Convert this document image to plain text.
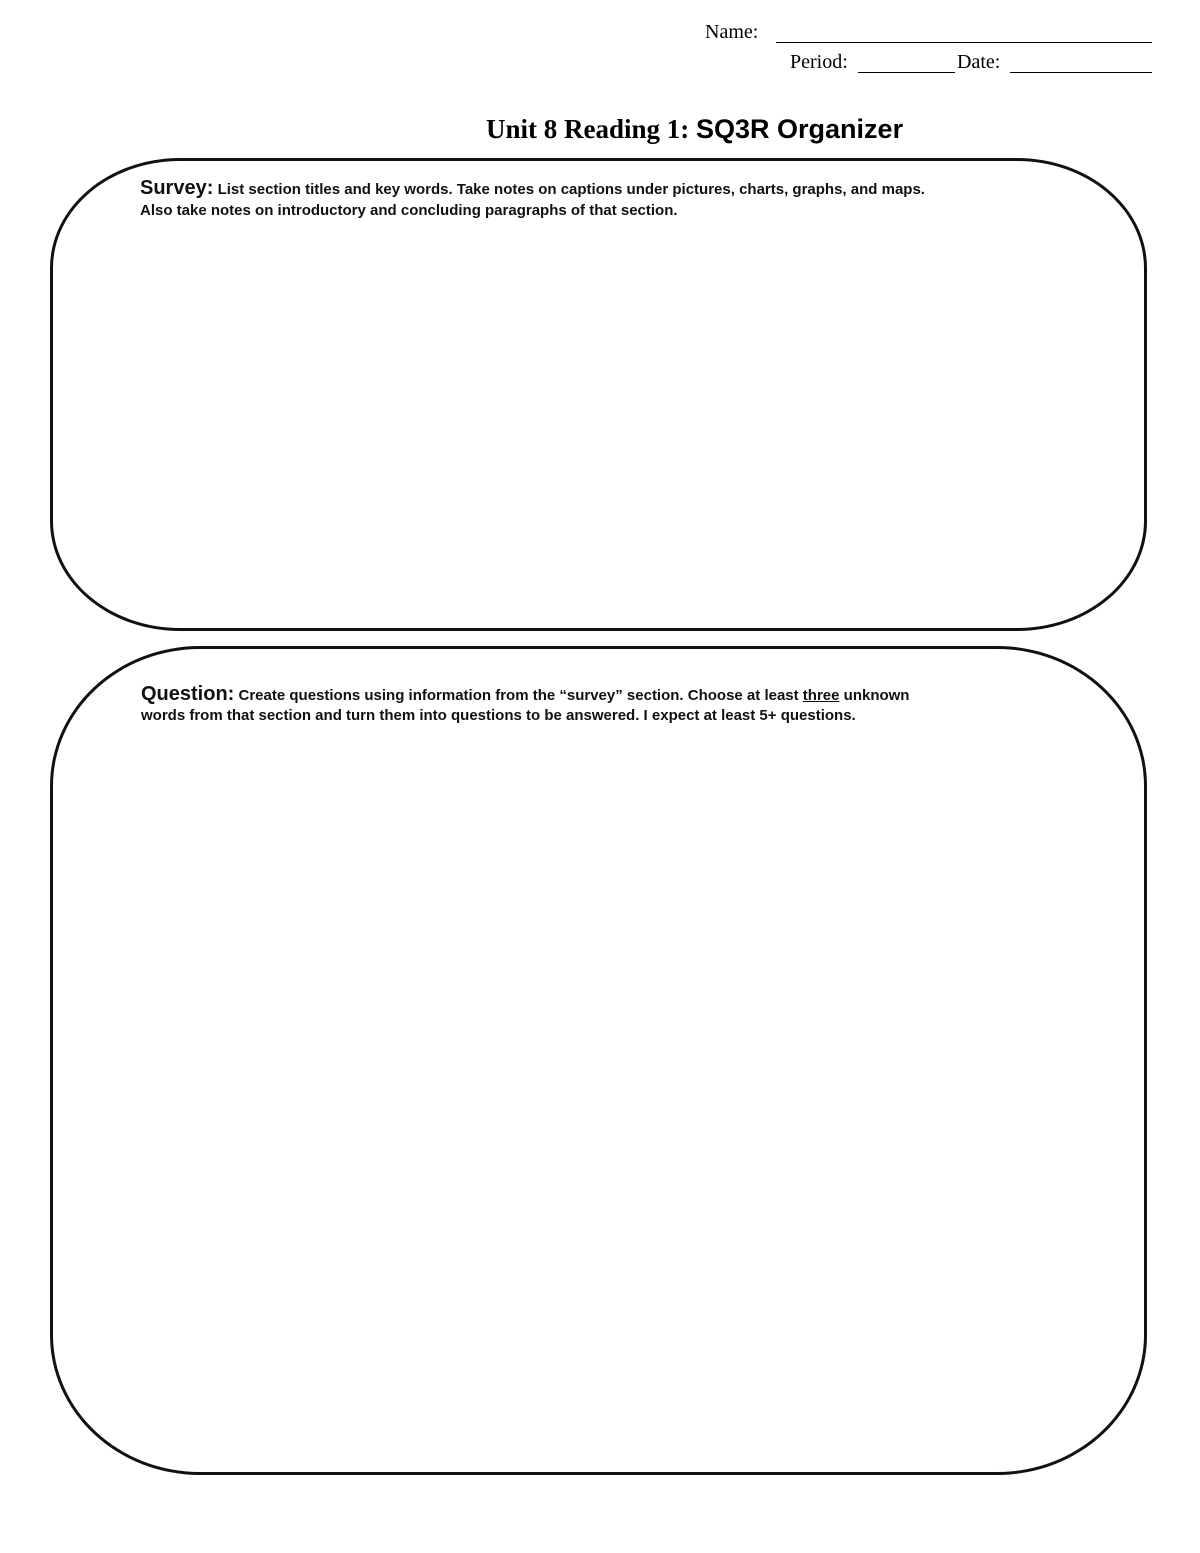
Name:
Period:	Date:
Unit 8 Reading 1: SQ3R Organizer
Survey: List section titles and key words. Take notes on captions under pictures, charts, graphs, and maps.
Also take notes on introductory and concluding paragraphs of that section.
Question: Create questions using information from the “survey” section. Choose at least three unknown
words from that section and turn them into questions to be answered. I expect at least 5+ questions.
